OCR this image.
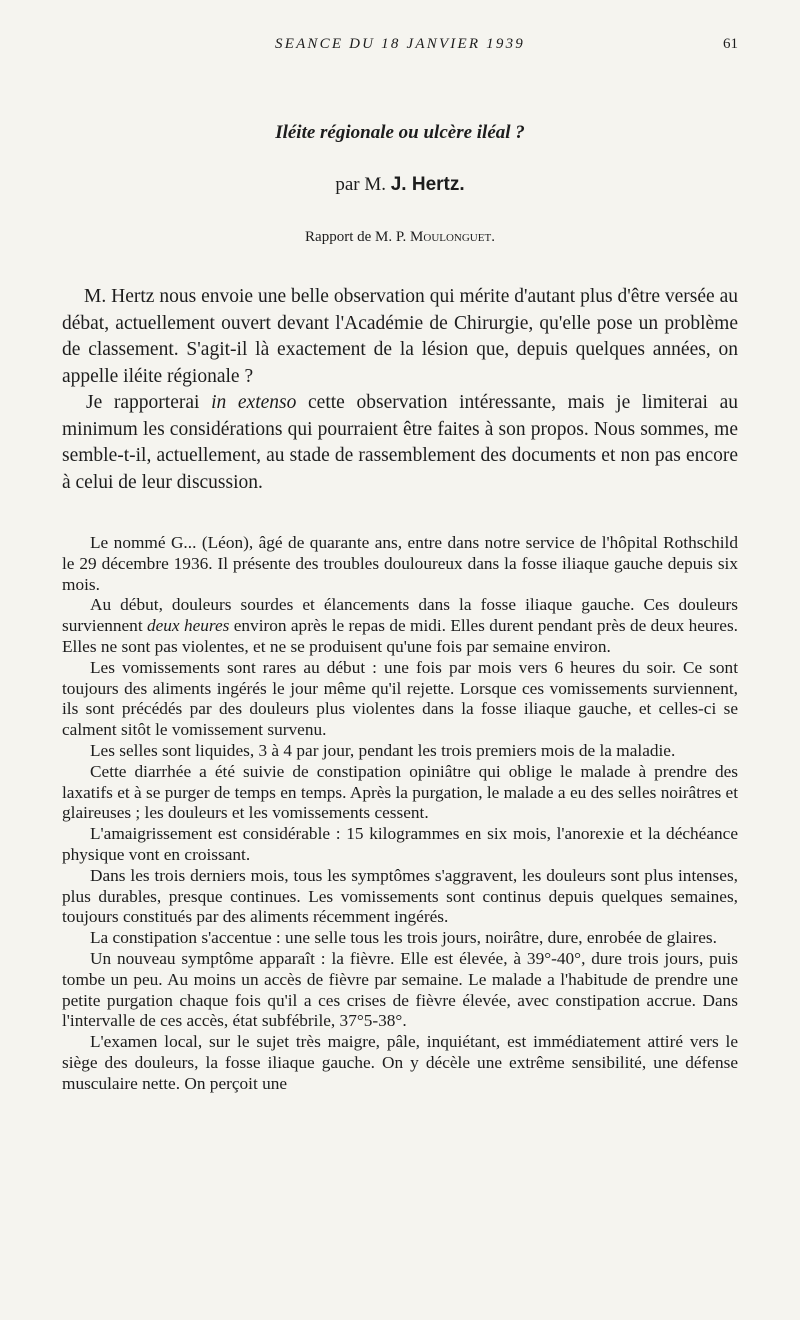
SEANCE DU 18 JANVIER 1939	61
Iléite régionale ou ulcère iléal ?
par M. J. Hertz.
Rapport de M. P. Moulonguet.

M. Hertz nous envoie une belle observation qui mérite d'autant plus d'être versée au débat, actuellement ouvert devant l'Académie de Chirurgie, qu'elle pose un problème de classement. S'agit-il là exactement de la lésion que, depuis quelques années, on appelle iléite régionale ?

Je rapporterai in extenso cette observation intéressante, mais je limiterai au minimum les considérations qui pourraient être faites à son propos. Nous sommes, me semble-t-il, actuellement, au stade de rassemblement des documents et non pas encore à celui de leur discussion.

Le nommé G... (Léon), âgé de quarante ans, entre dans notre service de l'hôpital Rothschild le 29 décembre 1936. Il présente des troubles douloureux dans la fosse iliaque gauche depuis six mois.

Au début, douleurs sourdes et élancements dans la fosse iliaque gauche. Ces douleurs surviennent deux heures environ après le repas de midi. Elles durent pendant près de deux heures. Elles ne sont pas violentes, et ne se produisent qu'une fois par semaine environ.

Les vomissements sont rares au début : une fois par mois vers 6 heures du soir. Ce sont toujours des aliments ingérés le jour même qu'il rejette. Lorsque ces vomissements surviennent, ils sont précédés par des douleurs plus violentes dans la fosse iliaque gauche, et celles-ci se calment sitôt le vomissement survenu.

Les selles sont liquides, 3 à 4 par jour, pendant les trois premiers mois de la maladie.

Cette diarrhée a été suivie de constipation opiniâtre qui oblige le malade à prendre des laxatifs et à se purger de temps en temps. Après la purgation, le malade a eu des selles noirâtres et glaireuses ; les douleurs et les vomissements cessent.

L'amaigrissement est considérable : 15 kilogrammes en six mois, l'anorexie et la déchéance physique vont en croissant.

Dans les trois derniers mois, tous les symptômes s'aggravent, les douleurs sont plus intenses, plus durables, presque continues. Les vomissements sont continus depuis quelques semaines, toujours constitués par des aliments récemment ingérés.

La constipation s'accentue : une selle tous les trois jours, noirâtre, dure, enrobée de glaires.

Un nouveau symptôme apparaît : la fièvre. Elle est élevée, à 39°-40°, dure trois jours, puis tombe un peu. Au moins un accès de fièvre par semaine. Le malade a l'habitude de prendre une petite purgation chaque fois qu'il a ces crises de fièvre élevée, avec constipation accrue. Dans l'intervalle de ces accès, état subfébrile, 37°5-38°.

L'examen local, sur le sujet très maigre, pâle, inquiétant, est immédiatement attiré vers le siège des douleurs, la fosse iliaque gauche. On y décèle une extrême sensibilité, une défense musculaire nette. On perçoit une
